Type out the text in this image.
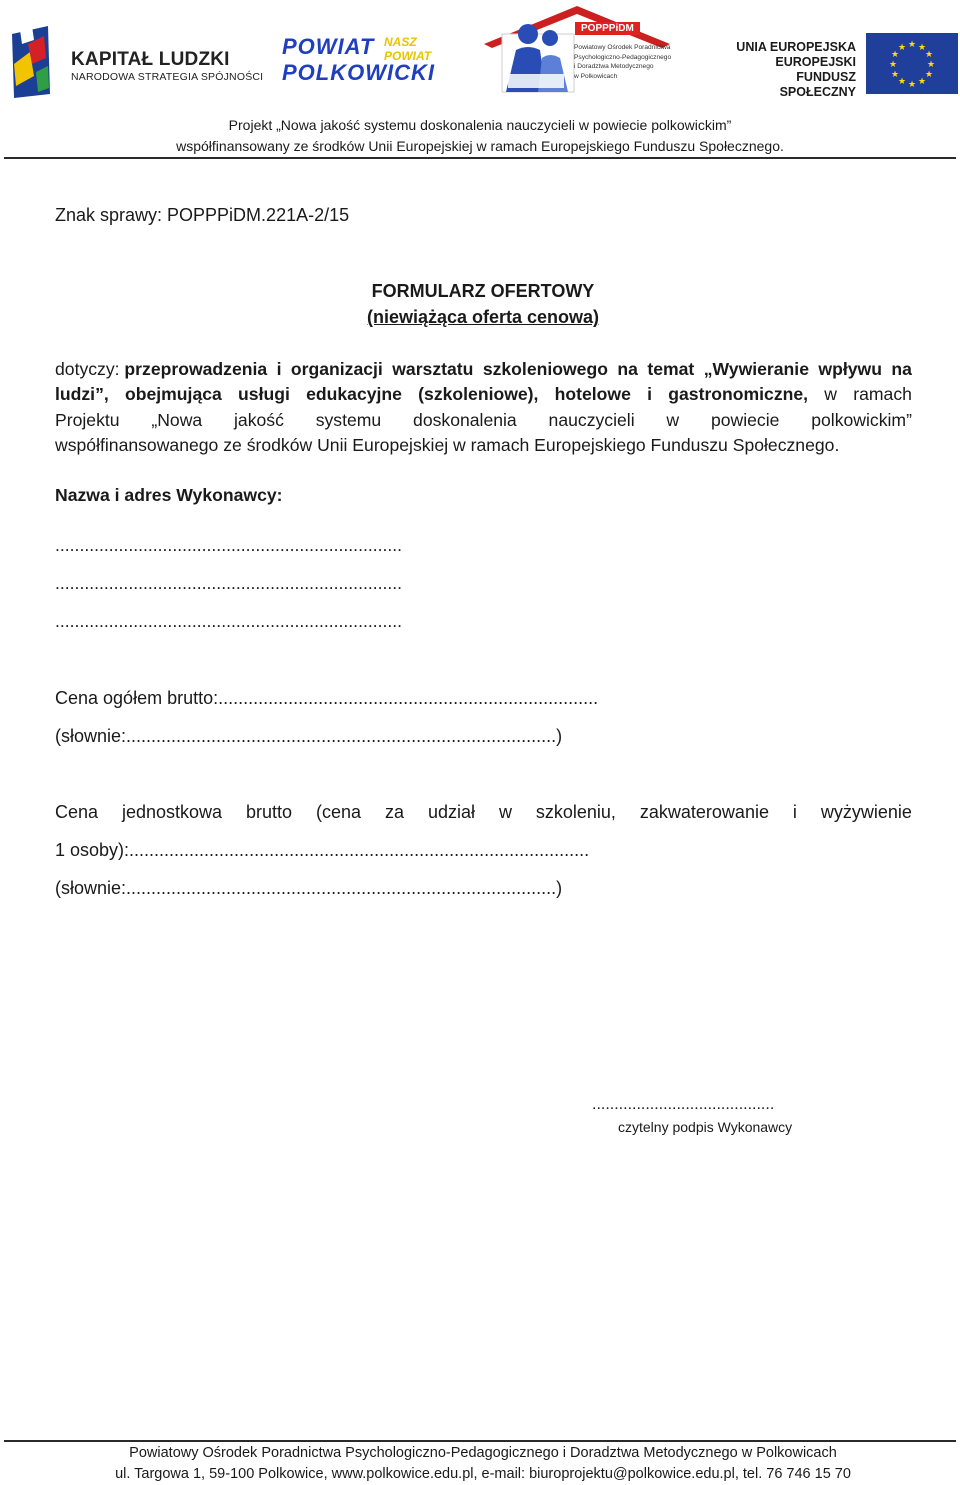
KAPITAŁ LUDZKI
NARODOWA STRATEGIA SPÓJNOŚCI
POWIAT
POLKOWICKI
NASZ
POWIAT
POPPPiDM
Powiatowy Ośrodek Poradnictwa
Psychologiczno-Pedagogicznego
i Doradztwa Metodycznego
w Polkowicach
UNIA EUROPEJSKA
EUROPEJSKI
FUNDUSZ SPOŁECZNY
★ ★
★
★
★
★
★
★
★
★
★
★
Projekt „Nowa jakość systemu doskonalenia nauczycieli w powiecie polkowickim”
współfinansowany ze środków Unii Europejskiej w ramach Europejskiego Funduszu Społecznego.
Znak sprawy: POPPPiDM.221A-2/15
FORMULARZ OFERTOWY
(niewiążąca oferta cenowa)
dotyczy: przeprowadzenia i organizacji warsztatu szkoleniowego na temat „Wywieranie wpływu na
ludzi”, obejmująca usługi edukacyjne (szkoleniowe), hotelowe i gastronomiczne, w ramach
Projektu „Nowa jakość systemu doskonalenia nauczycieli w powiecie polkowickim”
współfinansowanego ze środków Unii Europejskiej w ramach Europejskiego Funduszu Społecznego.
Nazwa i adres Wykonawcy:
.......................................................................
.......................................................................
.......................................................................
Cena ogółem brutto:............................................................................
(słownie:......................................................................................)
Cena jednostkowa brutto (cena za udział w szkoleniu, zakwaterowanie i wyżywienie
1 osoby):............................................................................................
(słownie:......................................................................................)
.........................................
czytelny podpis Wykonawcy
Powiatowy Ośrodek Poradnictwa Psychologiczno-Pedagogicznego i Doradztwa Metodycznego w Polkowicach
ul. Targowa 1, 59-100 Polkowice, www.polkowice.edu.pl, e-mail: biuroprojektu@polkowice.edu.pl, tel. 76 746 15 70
